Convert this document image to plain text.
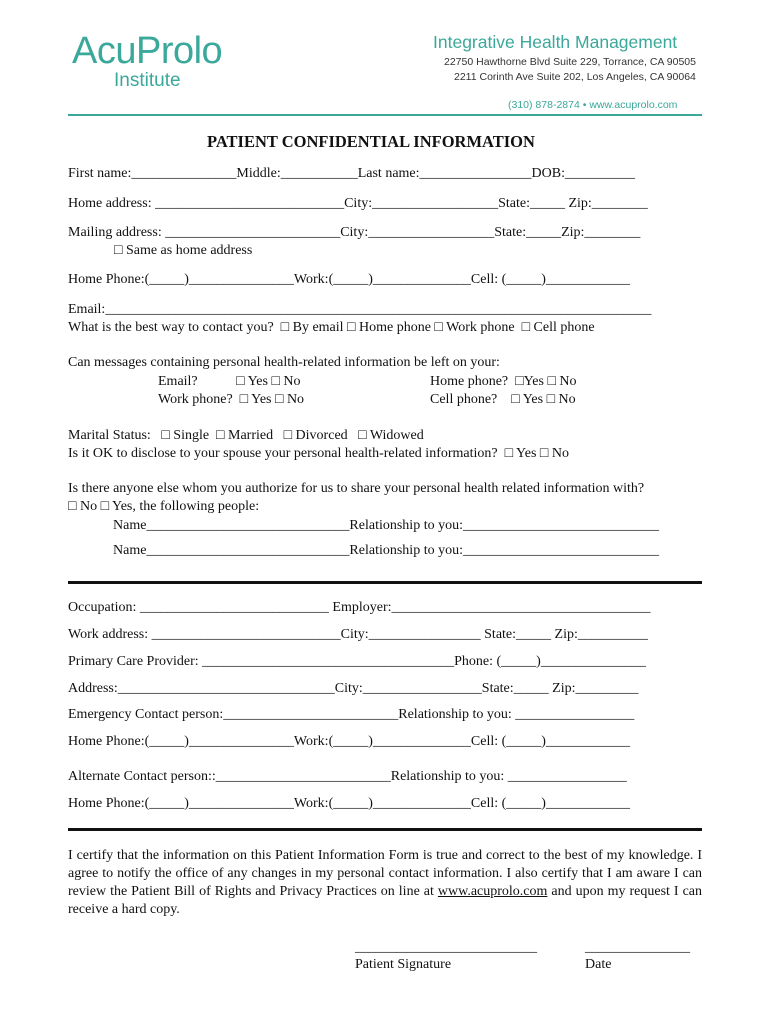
AcuProlo
Institute
Integrative Health Management
22750 Hawthorne Blvd Suite 229, Torrance, CA 90505
2211 Corinth Ave Suite 202, Los Angeles, CA 90064
(310) 878-2874 • www.acuprolo.com
PATIENT CONFIDENTIAL INFORMATION
First name:_______________Middle:___________Last name:________________DOB:__________
Home address: ___________________________City:__________________State:_____ Zip:________
Mailing address: _________________________City:__________________State:_____Zip:________
□ Same as home address
Home Phone:(_____)_______________Work:(_____)______________Cell: (_____)____________
Email:______________________________________________________________________________
What is the best way to contact you?  □ By email □ Home phone □ Work phone  □ Cell phone
Can messages containing personal health-related information be left on your:
Email?           □ Yes □ No	Home phone?  □Yes □ No
Work phone?  □ Yes □ No	Cell phone?    □ Yes □ No
Marital Status:   □ Single  □ Married   □ Divorced   □ Widowed
Is it OK to disclose to your spouse your personal health-related information?  □ Yes □ No
Is there anyone else whom you authorize for us to share your personal health related information with?
□ No □ Yes, the following people:
Name_____________________________Relationship to you:____________________________
Name_____________________________Relationship to you:____________________________
Occupation: ___________________________ Employer:_____________________________________
Work address: ___________________________City:________________ State:_____ Zip:__________
Primary Care Provider: ____________________________________Phone: (_____)_______________
Address:_______________________________City:_________________State:_____ Zip:_________
Emergency Contact person:_________________________Relationship to you: _________________
Home Phone:(_____)_______________Work:(_____)______________Cell: (_____)____________
Alternate Contact person::_________________________Relationship to you: _________________
Home Phone:(_____)_______________Work:(_____)______________Cell: (_____)____________
I certify that the information on this Patient Information Form is true and correct to the best of my knowledge. I agree to notify the office of any changes in my personal contact information. I also certify that I am aware I can review the Patient Bill of Rights and Privacy Practices on line at www.acuprolo.com and upon my request I can receive a hard copy.
__________________________	_______________
Patient Signature	Date
